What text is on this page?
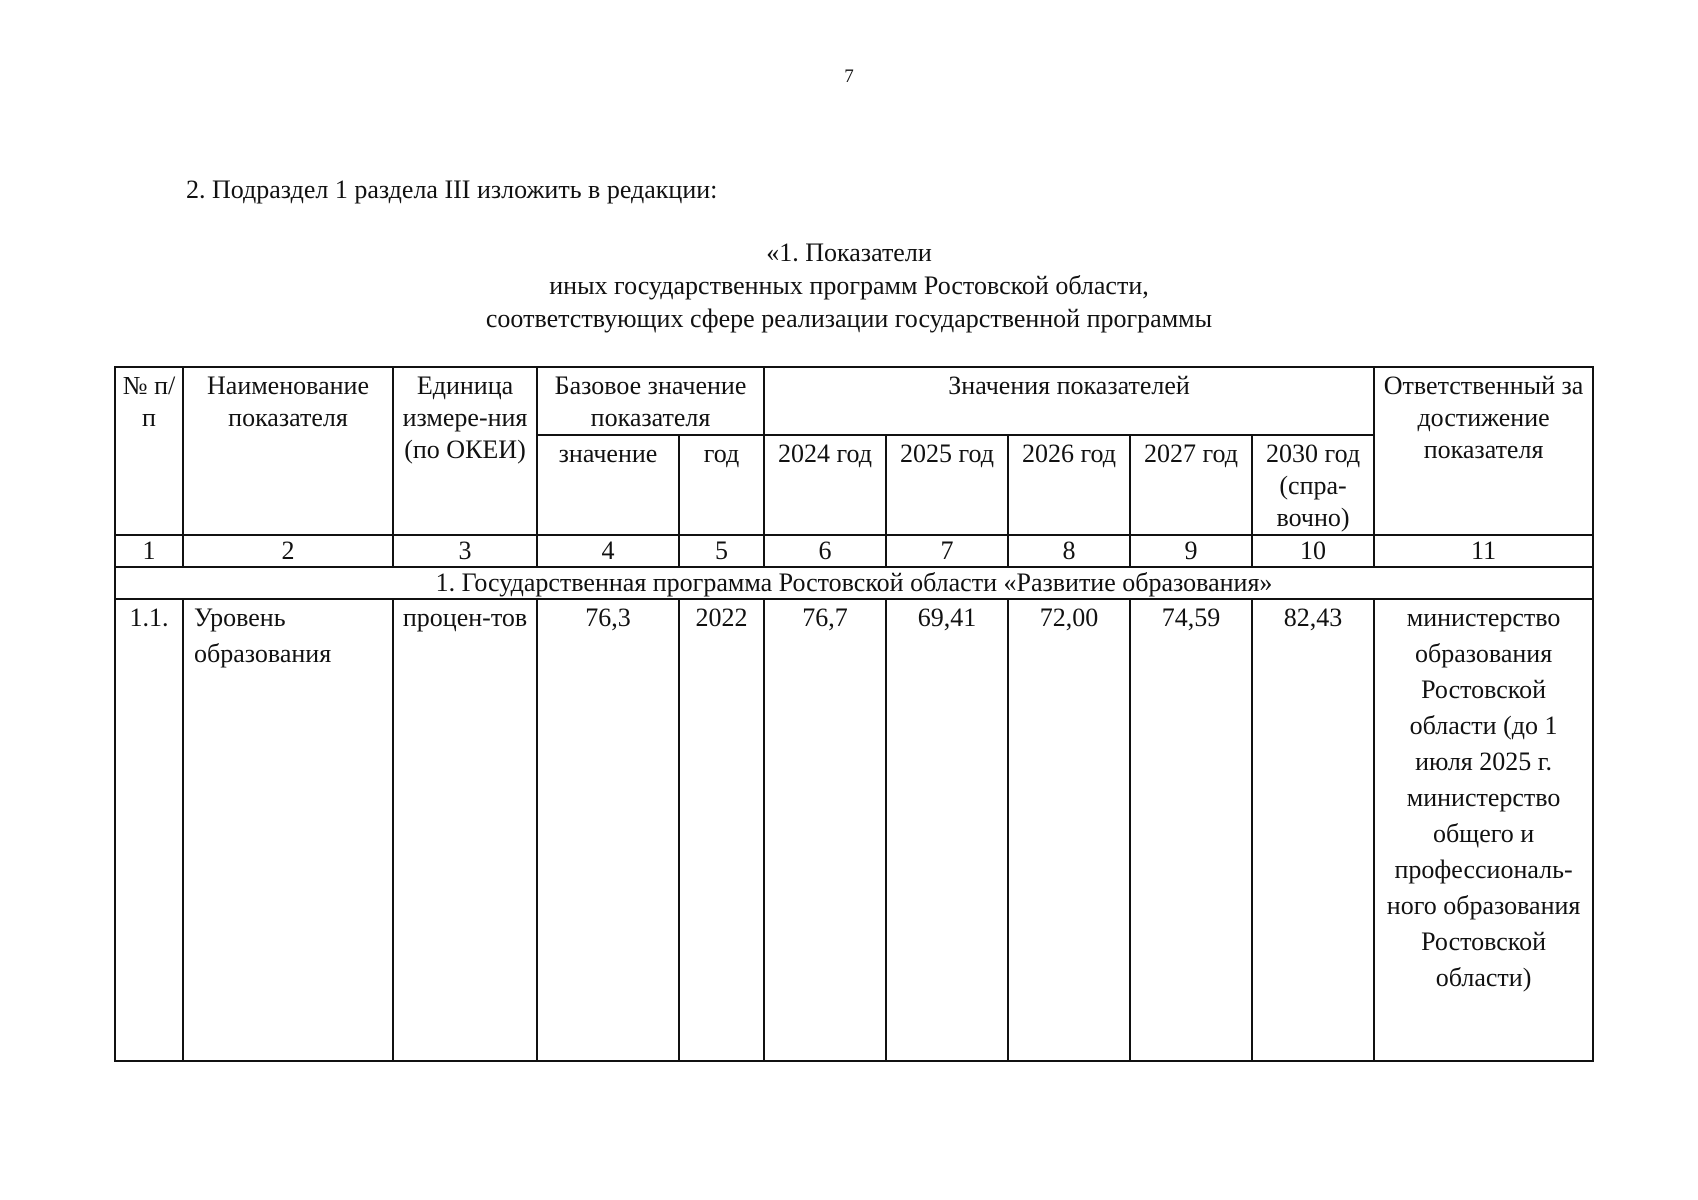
7
2. Подраздел 1 раздела III изложить в редакции:
«1. Показатели
иных государственных программ Ростовской области,
соответствующих сфере реализации государственной программы
№ п/п	Наименование показателя	Единица измере-ния (по ОКЕИ)	Базовое значение показателя		Значения показателей					Ответственный за достижение показателя
			значение	год	2024 год	2025 год	2026 год	2027 год	2030 год (спра-вочно)	
1	2	3	4	5	6	7	8	9	10	11
1. Государственная программа Ростовской области «Развитие образования»										
1.1.	Уровень образования	процен-тов	76,3	2022	76,7	69,41	72,00	74,59	82,43	министерство образования Ростовской области (до 1 июля 2025 г. министерство общего и профессиональ-ного образования Ростовской области)
